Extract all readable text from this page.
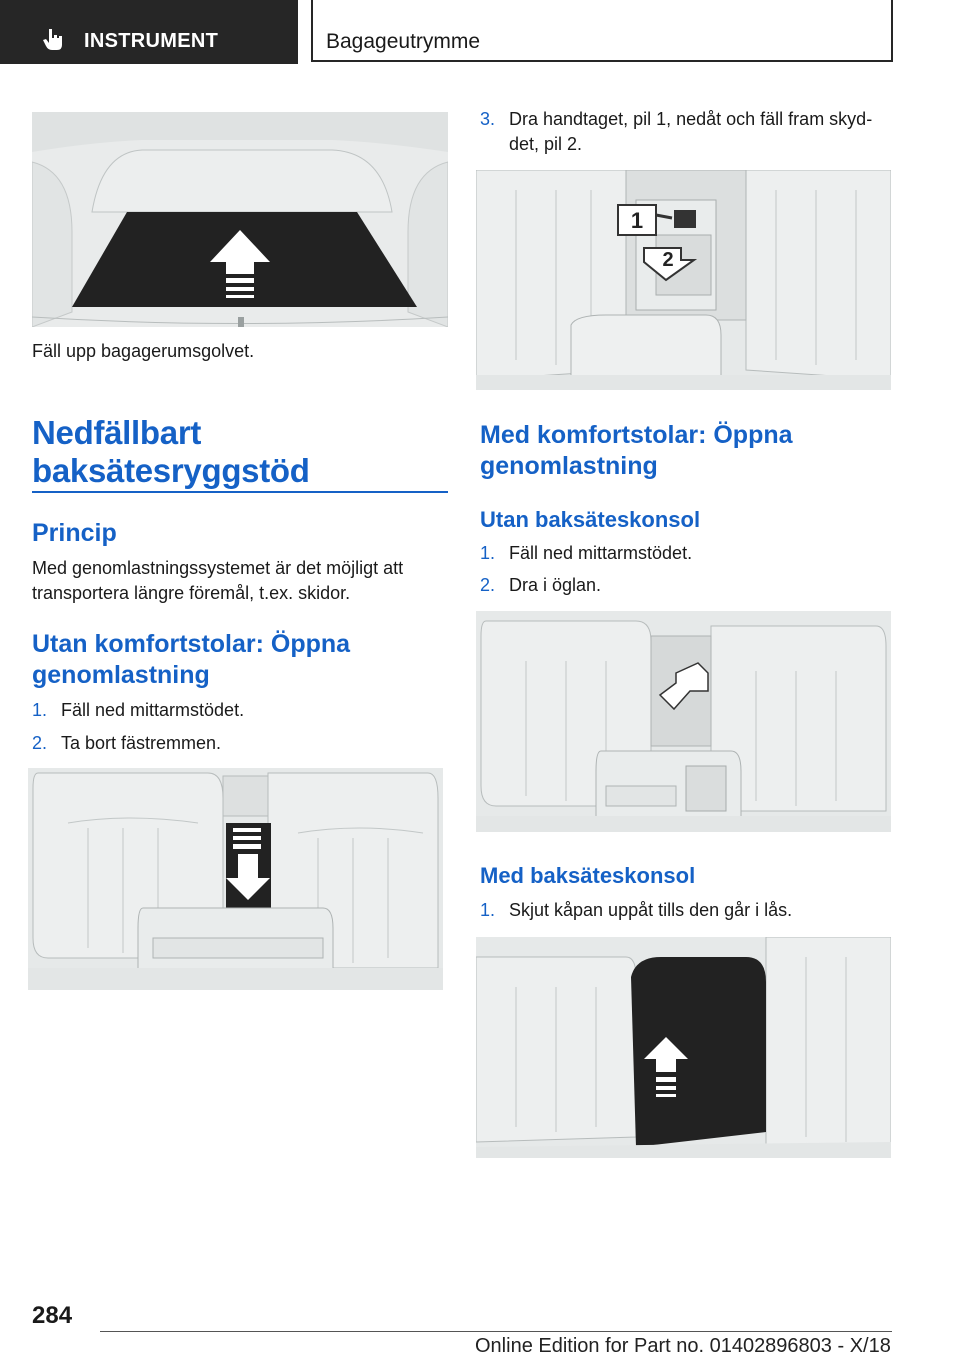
INSTRUMENT	Bagageutrymme
Fäll upp bagagerumsgolvet.
Nedfällbart
baksätesryggstöd
Princip
Med genomlastningssystemet är det möjligt att
transportera längre föremål, t.ex. skidor.
Utan komfortstolar: Öppna
genomlastning
1. Fäll ned mittarmstödet.
2. Ta bort fästremmen.
3. Dra handtaget, pil 1, nedåt och fäll fram skyd-
det, pil 2.
1
2
Med komfortstolar: Öppna
genomlastning
Utan baksäteskonsol
1. Fäll ned mittarmstödet.
2. Dra i öglan.
Med baksäteskonsol
1. Skjut kåpan uppåt tills den går i lås.
284
Online Edition for Part no. 01402896803 - X/18
